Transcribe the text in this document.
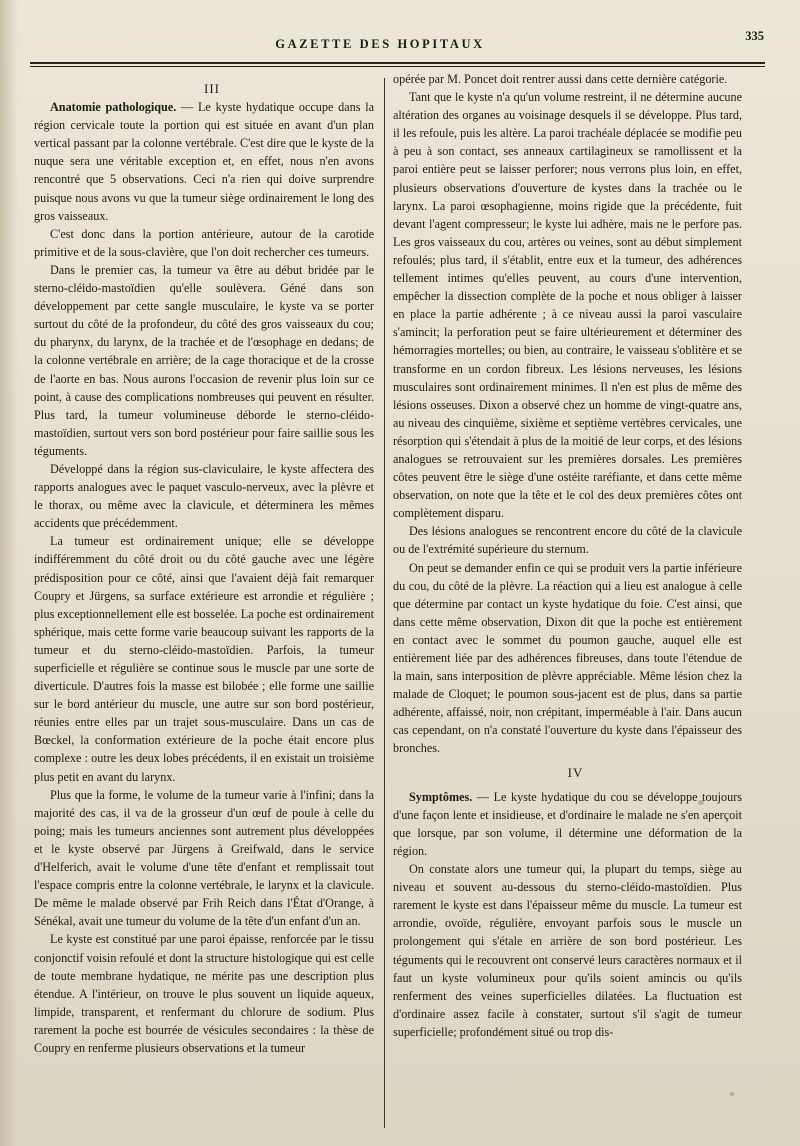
GAZETTE DES HOPITAUX
335

III

Anatomie pathologique. — Le kyste hydatique occupe dans la région cervicale toute la portion qui est située en avant d'un plan vertical passant par la colonne vertébrale. C'est dire que le kyste de la nuque sera une véritable exception et, en effet, nous n'en avons rencontré que 5 observations. Ceci n'a rien qui doive surprendre puisque nous avons vu que la tumeur siège ordinairement le long des gros vaisseaux.

C'est donc dans la portion antérieure, autour de la carotide primitive et de la sous-clavière, que l'on doit rechercher ces tumeurs.

Dans le premier cas, la tumeur va être au début bridée par le sterno-cléido-mastoïdien qu'elle soulèvera. Géné dans son développement par cette sangle musculaire, le kyste va se porter surtout du côté de la profondeur, du côté des gros vaisseaux du cou; du pharynx, du larynx, de la trachée et de l'œsophage en dedans; de la colonne vertébrale en arrière; de la cage thoracique et de la crosse de l'aorte en bas. Nous aurons l'occasion de revenir plus loin sur ce point, à cause des complications nombreuses qui peuvent en résulter. Plus tard, la tumeur volumineuse déborde le sterno-cléido-mastoïdien, surtout vers son bord postérieur pour faire saillie sous les téguments.

Développé dans la région sus-claviculaire, le kyste affectera des rapports analogues avec le paquet vasculo-nerveux, avec la plèvre et le thorax, ou même avec la clavicule, et déterminera les mêmes accidents que précédemment.

La tumeur est ordinairement unique; elle se développe indifféremment du côté droit ou du côté gauche avec une légère prédisposition pour ce côté, ainsi que l'avaient déjà fait remarquer Coupry et Jürgens, sa surface extérieure est arrondie et régulière ; plus exceptionnellement elle est bosselée. La poche est ordinairement sphérique, mais cette forme varie beaucoup suivant les rapports de la tumeur et du sterno-cléido-mastoïdien. Parfois, la tumeur superficielle et régulière se continue sous le muscle par une sorte de diverticule. D'autres fois la masse est bilobée ; elle forme une saillie sur le bord antérieur du muscle, une autre sur son bord postérieur, réunies entre elles par un trajet sous-musculaire. Dans un cas de Bœckel, la conformation extérieure de la poche était encore plus complexe : outre les deux lobes précédents, il en existait un troisième plus petit en avant du larynx.

Plus que la forme, le volume de la tumeur varie à l'infini; dans la majorité des cas, il va de la grosseur d'un œuf de poule à celle du poing; mais les tumeurs anciennes sont autrement plus développées et le kyste observé par Jürgens à Greifwald, dans le service d'Helferich, avait le volume d'une tête d'enfant et remplissait tout l'espace compris entre la colonne vertébrale, le larynx et la clavicule. De même le malade observé par Frih Reich dans l'État d'Orange, à Sénékal, avait une tumeur du volume de la tête d'un enfant d'un an.

Le kyste est constitué par une paroi épaisse, renforcée par le tissu conjonctif voisin refoulé et dont la structure histologique qui est celle de toute membrane hydatique, ne mérite pas une description plus étendue. A l'intérieur, on trouve le plus souvent un liquide aqueux, limpide, transparent, et renfermant du chlorure de sodium. Plus rarement la poche est bourrée de vésicules secondaires : la thèse de Coupry en renferme plusieurs observations et la tumeur

opérée par M. Poncet doit rentrer aussi dans cette dernière catégorie.

Tant que le kyste n'a qu'un volume restreint, il ne détermine aucune altération des organes au voisinage desquels il se développe. Plus tard, il les refoule, puis les altère. La paroi trachéale déplacée se modifie peu à peu à son contact, ses anneaux cartilagineux se ramollissent et la paroi entière peut se laisser perforer; nous verrons plus loin, en effet, plusieurs observations d'ouverture de kystes dans la trachée ou le larynx. La paroi œsophagienne, moins rigide que la précédente, fuit devant l'agent compresseur; le kyste lui adhère, mais ne le perfore pas. Les gros vaisseaux du cou, artères ou veines, sont au début simplement refoulés; plus tard, il s'établit, entre eux et la tumeur, des adhérences tellement intimes qu'elles peuvent, au cours d'une intervention, empêcher la dissection complète de la poche et nous obliger à laisser en place la partie adhérente ; à ce niveau aussi la paroi vasculaire s'amincit; la perforation peut se faire ultérieurement et déterminer des hémorragies mortelles; ou bien, au contraire, le vaisseau s'oblitère et se transforme en un cordon fibreux. Les lésions nerveuses, les lésions musculaires sont ordinairement minimes. Il n'en est plus de même des lésions osseuses. Dixon a observé chez un homme de vingt-quatre ans, au niveau des cinquième, sixième et septième vertèbres cervicales, une résorption qui s'étendait à plus de la moitié de leur corps, et des lésions analogues se retrouvaient sur les premières dorsales. Les premières côtes peuvent être le siège d'une ostéite raréfiante, et dans cette même observation, on note que la tête et le col des deux premières côtes ont complètement disparu.

Des lésions analogues se rencontrent encore du côté de la clavicule ou de l'extrémité supérieure du sternum.

On peut se demander enfin ce qui se produit vers la partie inférieure du cou, du côté de la plèvre. La réaction qui a lieu est analogue à celle que détermine par contact un kyste hydatique du foie. C'est ainsi, que dans cette même observation, Dixon dit que la poche est entièrement en contact avec le sommet du poumon gauche, auquel elle est entièrement liée par des adhérences fibreuses, dans toute l'étendue de la main, sans interposition de plèvre appréciable. Même lésion chez la malade de Cloquet; le poumon sous-jacent est de plus, dans sa partie adhérente, affaissé, noir, non crépitant, imperméable à l'air. Dans aucun cas cependant, on n'a constaté l'ouverture du kyste dans l'épaisseur des bronches.

IV

Symptômes. — Le kyste hydatique du cou se développe toujours d'une façon lente et insidieuse, et d'ordinaire le malade ne s'en aperçoit que lorsque, par son volume, il détermine une déformation de la région.

On constate alors une tumeur qui, la plupart du temps, siège au niveau et souvent au-dessous du sterno-cléido-mastoïdien. Plus rarement le kyste est dans l'épaisseur même du muscle. La tumeur est arrondie, ovoïde, régulière, envoyant parfois sous le muscle un prolongement qui s'étale en arrière de son bord postérieur. Les téguments qui le recouvrent ont conservé leurs caractères normaux et il faut un kyste volumineux pour qu'ils soient amincis ou qu'ils renferment des veines superficielles dilatées. La fluctuation est d'ordinaire assez facile à constater, surtout s'il s'agit de tumeur superficielle; profondément situé ou trop dis-
